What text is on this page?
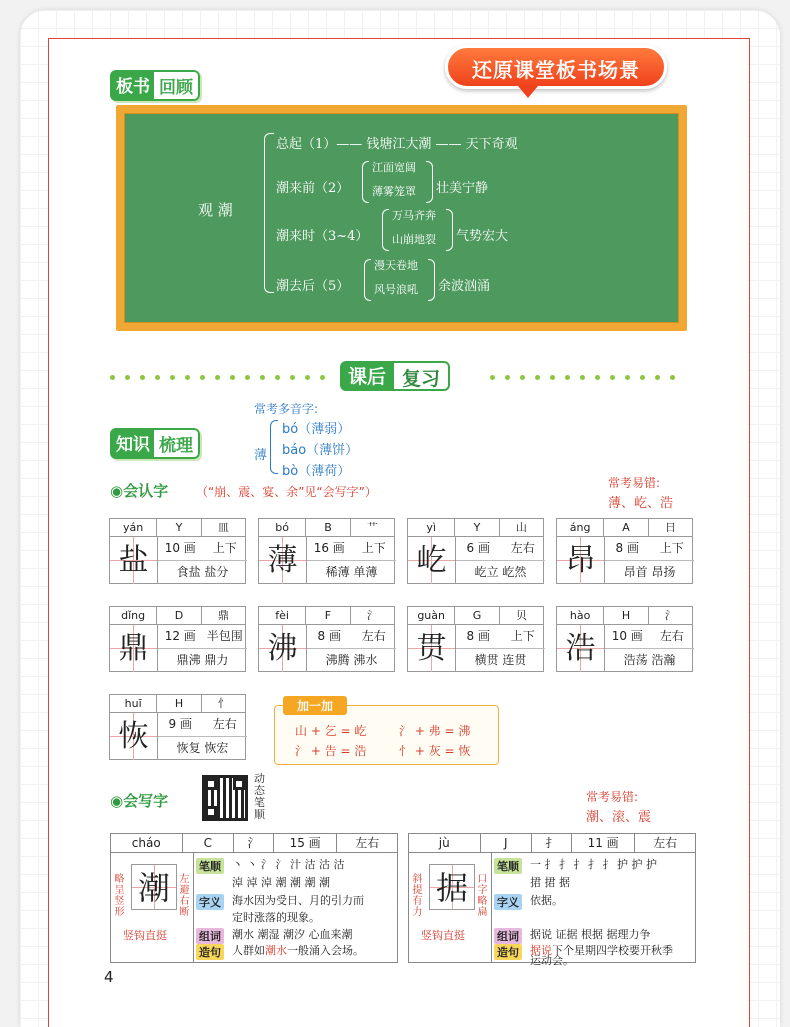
板书 回顾
还原课堂板书场景
观 潮
总起（1）—— 钱塘江大潮 —— 天下奇观
潮来前（2）
江面宽阔
薄雾笼罩 壮美宁静
潮来时（3~4）
万马齐奔
山崩地裂 气势宏大
潮去后（5）
漫天卷地
风号浪吼 余波汹涌
课后 复习
知识 梳理
常考多音字:
薄
bó（薄弱）
báo（薄饼）
bò（薄荷）
◉会认字 （“崩、震、宴、余”见“会写字”）
常考易错:
薄、屹、浩
yán	Y	皿
盐	10 画	上下
食盐 盐分
bó	B	艹
薄	16 画	上下
稀薄 单薄
yì	Y	山
屹	6 画	左右
屹立 屹然
áng	A	日
昂	8 画	上下
昂首 昂扬
dǐng	D	鼎
鼎	12 画 半包围
鼎沸 鼎力
fèi	F	氵
沸	8 画	左右
沸腾 沸水
guàn	G	贝
贯	8 画	上下
横贯 连贯
hào	H	氵
浩	10 画	左右
浩荡 浩瀚
huī	H	忄
恢	9 画	左右
恢复 恢宏
加一加
山 + 乞 = 屹	氵 + 弗 = 沸
氵 + 告 = 浩	忄 + 灰 = 恢
◉会写字
动态笔顺
常考易错:
潮、滚、震
cháo	C	氵	15 画	左右
略呈竖形
潮 左避右断
竖钩直挺
笔顺 丶 丶 氵 氵 汁 沽 沽 沽
淖 淖 淖 潮 潮 潮 潮
字义 海水因为受日、月的引力而
定时涨落的现象。
组词 潮水 潮湿 潮汐 心血来潮
造句 人群如潮水一般涌入会场。
jù	J	扌	11 画	左右
斜提有力
据 口字略扁
竖钩直挺
笔顺 一 扌 扌 扌 扌 扌 护 护 护
捃 捃 据
字义 依据。
组词 据说 证据 根据 据理力争
造句 据说下个星期四学校要开秋季
运动会。
4
